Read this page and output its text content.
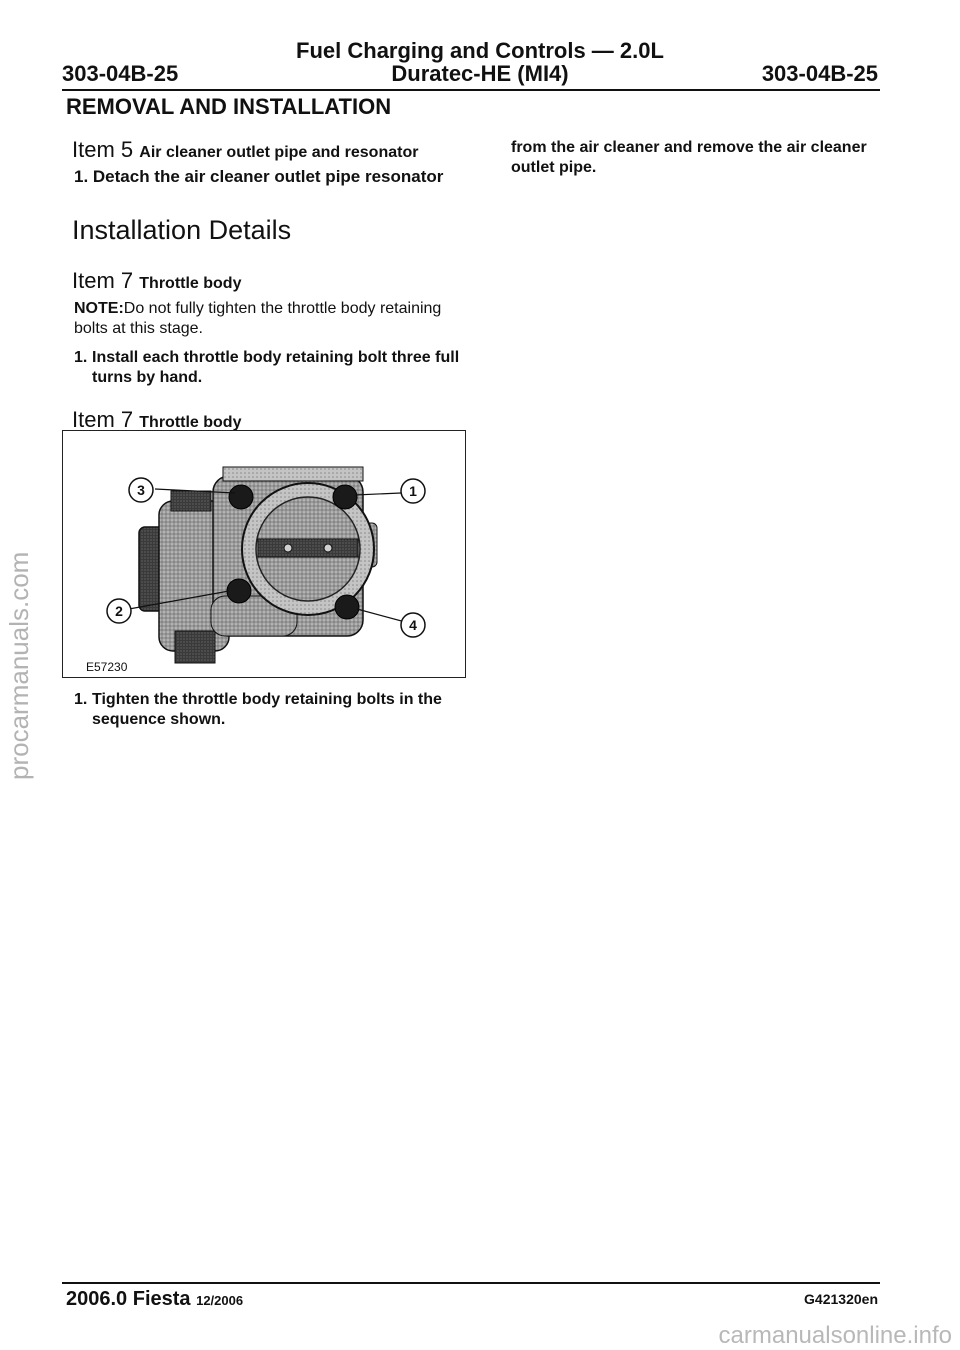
Fuel Charging and Controls — 2.0L
303-04B-25	Duratec-HE (MI4)	303-04B-25
REMOVAL AND INSTALLATION
Item 5 Air cleaner outlet pipe and resonator
1. Detach the air cleaner outlet pipe resonator
Installation Details
Item 7 Throttle body
NOTE:Do not fully tighten the throttle body retaining bolts at this stage.
1. Install each throttle body retaining bolt three full turns by hand.
Item 7 Throttle body
3	1
2
4
E57230
1. Tighten the throttle body retaining bolts in the sequence shown.
from the air cleaner and remove the air cleaner outlet pipe.
procarmanuals.com
carmanualsonline.info
2006.0 Fiesta 12/2006	G421320en
